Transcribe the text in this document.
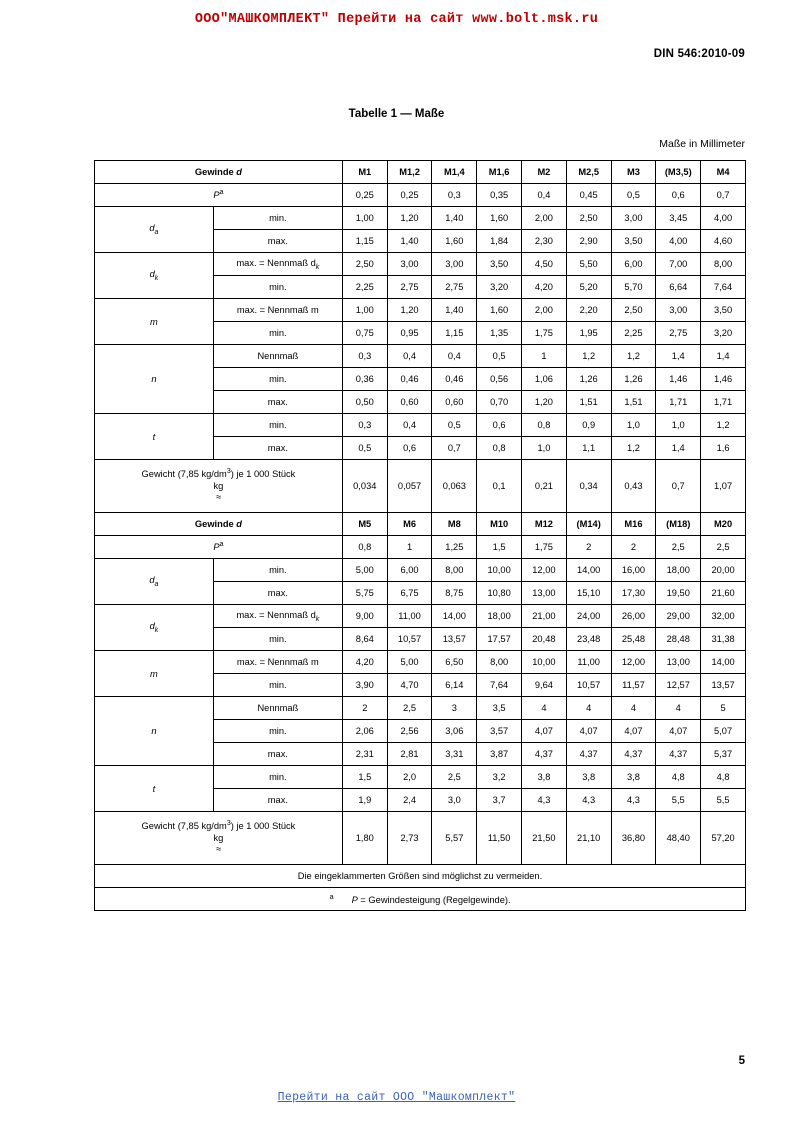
ООО"МАШКОМПЛЕКТ" Перейти на сайт www.bolt.msk.ru
DIN 546:2010-09
Tabelle 1 — Maße
Maße in Millimeter
Gewinde d		M1	M1,2	M1,4	M1,6	M2	M2,5	M3	(M3,5)	M4
$P^a$		0,25	0,25	0,3	0,35	0,4	0,45	0,5	0,6	0,7
$d_a$	min.	1,00	1,20	1,40	1,60	2,00	2,50	3,00	3,45	4,00
	max.	1,15	1,40	1,60	1,84	2,30	2,90	3,50	4,00	4,60
$d_k$	max. = Nennmaß $d_k$	2,50	3,00	3,00	3,50	4,50	5,50	6,00	7,00	8,00
	min.	2,25	2,75	2,75	3,20	4,20	5,20	5,70	6,64	7,64
m	max. = Nennmaß m	1,00	1,20	1,40	1,60	2,00	2,20	2,50	3,00	3,50
	min.	0,75	0,95	1,15	1,35	1,75	1,95	2,25	2,75	3,20
n	Nennmaß	0,3	0,4	0,4	0,5	1	1,2	1,2	1,4	1,4
	min.	0,36	0,46	0,46	0,56	1,06	1,26	1,26	1,46	1,46
	max.	0,50	0,60	0,60	0,70	1,20	1,51	1,51	1,71	1,71
t	min.	0,3	0,4	0,5	0,6	0,8	0,9	1,0	1,0	1,2
	max.	0,5	0,6	0,7	0,8	1,0	1,1	1,2	1,4	1,6
Gewicht (7,85 $kg/dm^3$) je 1 000 Stück
kg
≈		0,034	0,057	0,063	0,1	0,21	0,34	0,43	0,7	1,07
Gewinde d		M5	M6	M8	M10	M12	(M14)	M16	(M18)	M20
$P^a$		0,8	1	1,25	1,5	1,75	2	2	2,5	2,5
$d_a$	min.	5,00	6,00	8,00	10,00	12,00	14,00	16,00	18,00	20,00
	max.	5,75	6,75	8,75	10,80	13,00	15,10	17,30	19,50	21,60
$d_k$	max. = Nennmaß $d_k$	9,00	11,00	14,00	18,00	21,00	24,00	26,00	29,00	32,00
	min.	8,64	10,57	13,57	17,57	20,48	23,48	25,48	28,48	31,38
m	max. = Nennmaß m	4,20	5,00	6,50	8,00	10,00	11,00	12,00	13,00	14,00
	min.	3,90	4,70	6,14	7,64	9,64	10,57	11,57	12,57	13,57
n	Nennmaß	2	2,5	3	3,5	4	4	4	4	5
	min.	2,06	2,56	3,06	3,57	4,07	4,07	4,07	4,07	5,07
	max.	2,31	2,81	3,31	3,87	4,37	4,37	4,37	4,37	5,37
t	min.	1,5	2,0	2,5	3,2	3,8	3,8	3,8	4,8	4,8
	max.	1,9	2,4	3,0	3,7	4,3	4,3	4,3	5,5	5,5
Gewicht (7,85 $kg/dm^3$) je 1 000 Stück
kg
≈		1,80	2,73	5,57	11,50	21,50	21,10	36,80	48,40	57,20
Die eingeklammerten Größen sind möglichst zu vermeiden.										
$^a$ P = Gewindesteigung (Regelgewinde).										
5
Перейти на сайт ООО "Машкомплект"
